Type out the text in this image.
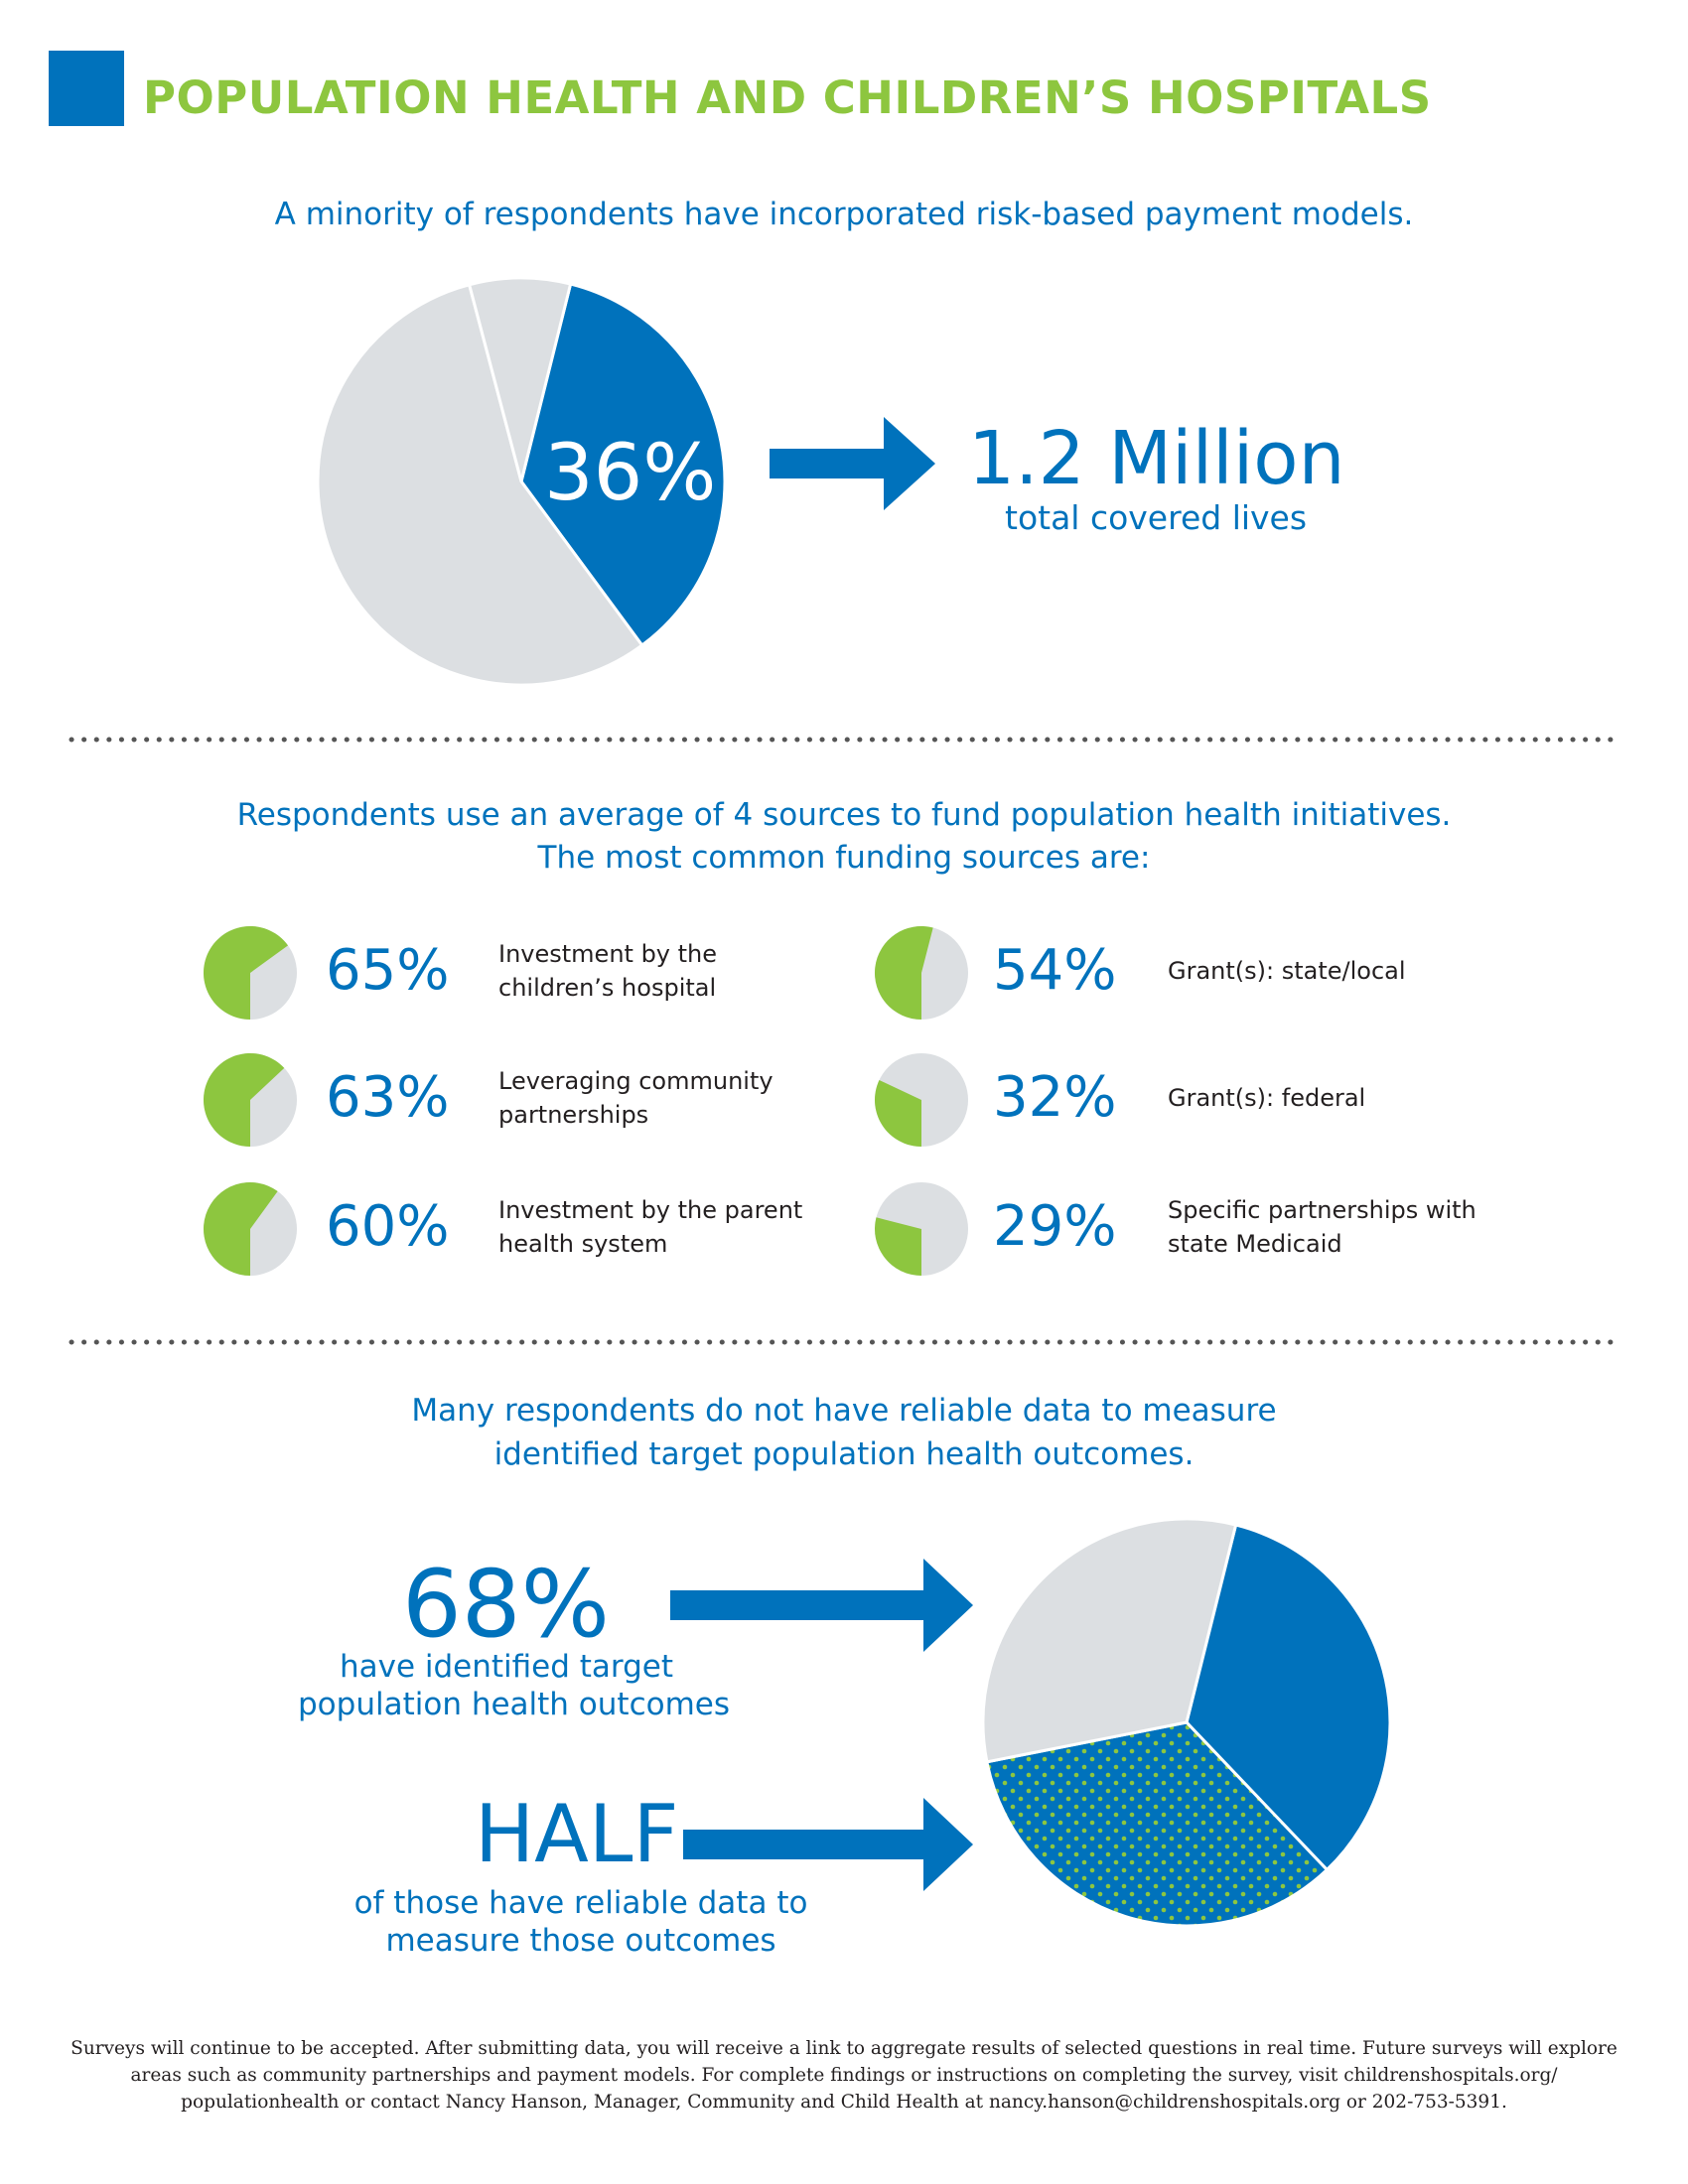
POPULATION HEALTH AND CHILDREN’S HOSPITALS
A minority of respondents have incorporated risk-based payment models.
36%	1.2 Million
total covered lives
Respondents use an average of 4 sources to fund population health initiatives.
The most common funding sources are:
65% Investment by the
children’s hospital
63% Leveraging community
partnerships
60% Investment by the parent
health system
54% Grant(s): state/local
32% Grant(s): federal
29% Specific partnerships with
state Medicaid
Many respondents do not have reliable data to measure
identified target population health outcomes.
68%
have identified target
population health outcomes
HALF
of those have reliable data to
measure those outcomes
Surveys will continue to be accepted. After submitting data, you will receive a link to aggregate results of selected questions in real time. Future surveys will explore areas such as community partnerships and payment models. For complete findings or instructions on completing the survey, visit childrenshospitals.org/ populationhealth or contact Nancy Hanson, Manager, Community and Child Health at nancy.hanson@childrenshospitals.org or 202-753-5391.
